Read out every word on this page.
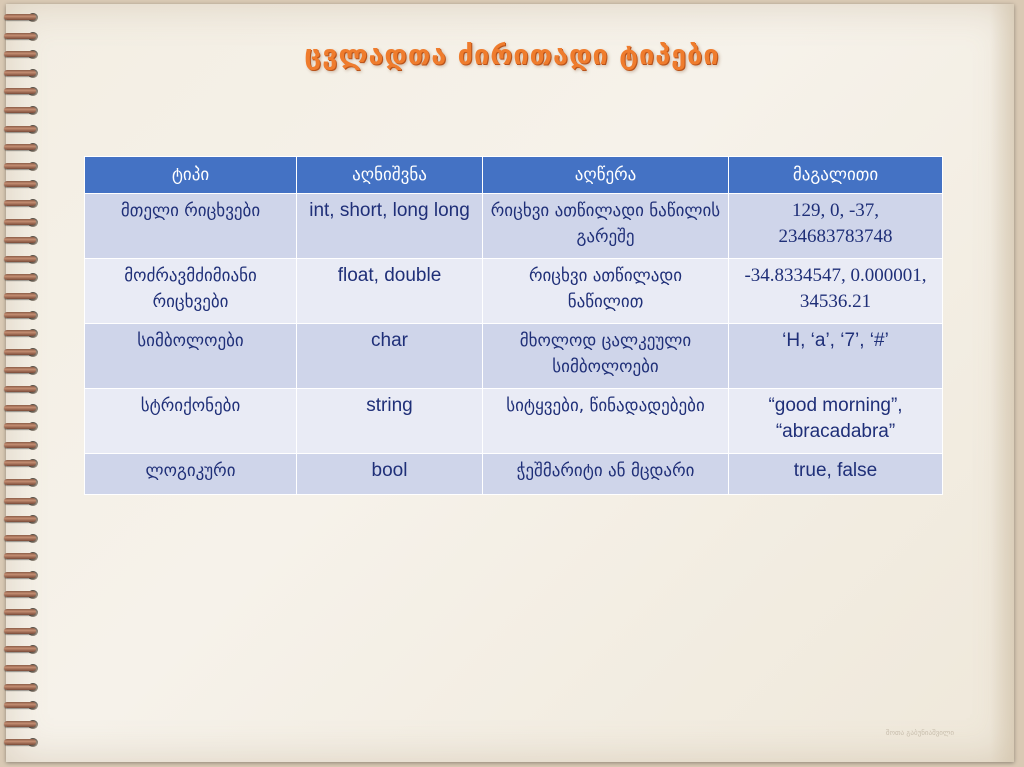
ცვლადთა ძირითადი ტიპები
ტიპი	აღნიშვნა	აღწერა	მაგალითი
მთელი რიცხვები	int, short, long long	რიცხვი ათწილადი ნაწილის გარეშე	129, 0, -37, 234683783748
მოძრავმძიმიანი რიცხვები	float, double	რიცხვი ათწილადი ნაწილით	-34.8334547, 0.000001, 34536.21
სიმბოლოები	char	მხოლოდ ცალკეული სიმბოლოები	‘H, ‘a’, ‘7’, ‘#’
სტრიქონები	string	სიტყვები, წინადადებები	“good morning”, “abracadabra”
ლოგიკური	bool	ჭეშმარიტი ან მცდარი	true, false
შოთა გაბუნიაშვილი
